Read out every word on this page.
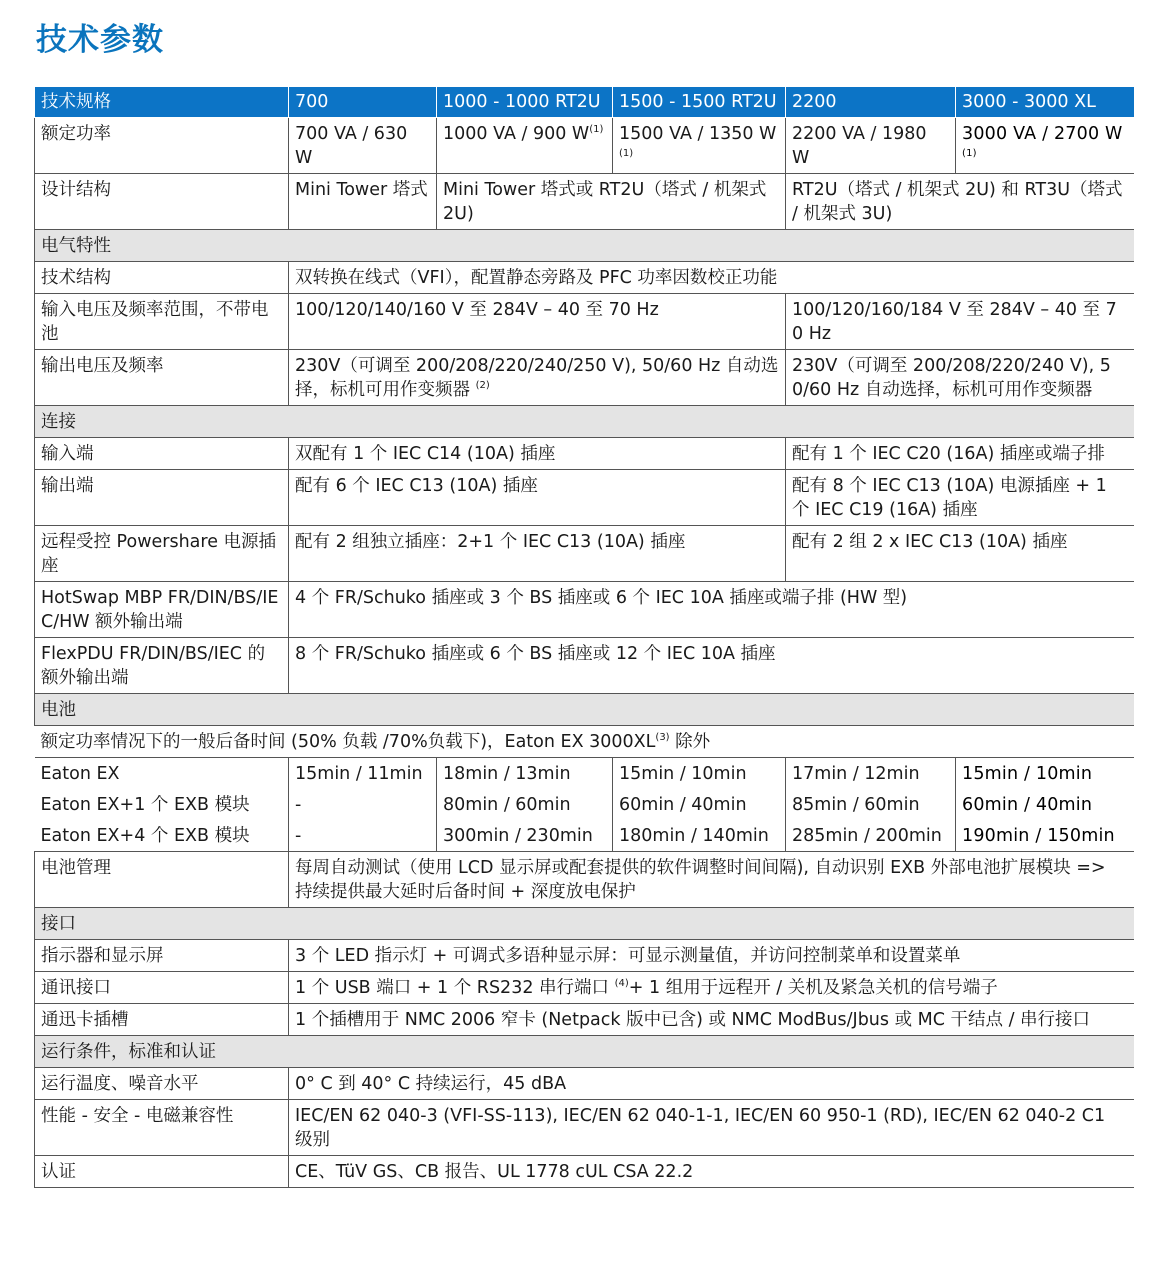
技术参数
技术规格	700	1000 - 1000 RT2U	1500 - 1500 RT2U	2200	3000 - 3000 XL
额定功率	700 VA / 630 W	1000 VA / 900 $W^{(1)}$	1500 VA / 1350 $W^{(1)}$	2200 VA / 1980 W	3000 VA / 2700 $W^{(1)}$
设计结构	Mini Tower 塔式	Mini Tower 塔式或 RT2U（塔式 / 机架式 2U)		RT2U（塔式 / 机架式 2U) 和 RT3U（塔式 / 机架式 3U)	
电气特性					
技术结构	双转换在线式（VFI），配置静态旁路及 PFC 功率因数校正功能				
输入电压及频率范围，不带电池	100/120/140/160 V 至 284V – 40 至 70 Hz			100/120/160/184 V 至 284V – 40 至 70 Hz	
输出电压及频率	230V（可调至 200/208/220/240/250 V), 50/60 Hz 自动选择，标机可用作变频器 $^{(2)}$			230V（可调至 200/208/220/240 V), 50/60 Hz 自动选择，标机可用作变频器	
连接					
输入端	双配有 1 个 IEC C14 (10A) 插座			配有 1 个 IEC C20 (16A) 插座或端子排	
输出端	配有 6 个 IEC C13 (10A) 插座			配有 8 个 IEC C13 (10A) 电源插座 + 1 个 IEC C19 (16A) 插座	
远程受控 Powershare 电源插座	配有 2 组独立插座：2+1 个 IEC C13 (10A) 插座			配有 2 组 2 x IEC C13 (10A) 插座	
HotSwap MBP FR/DIN/BS/IEC/HW 额外输出端	4 个 FR/Schuko 插座或 3 个 BS 插座或 6 个 IEC 10A 插座或端子排 (HW 型)				
FlexPDU FR/DIN/BS/IEC 的额外输出端	8 个 FR/Schuko 插座或 6 个 BS 插座或 12 个 IEC 10A 插座				
电池					
额定功率情况下的一般后备时间 (50% 负载 /70%负载下)，Eaton EX 3000XL$^{(3)}$ 除外					
Eaton EX	15min / 11min	18min / 13min	15min / 10min	17min / 12min	15min / 10min
Eaton EX+1 个 EXB 模块	-	80min / 60min	60min / 40min	85min / 60min	60min / 40min
Eaton EX+4 个 EXB 模块	-	300min / 230min	180min / 140min	285min / 200min	190min / 150min
电池管理	每周自动测试（使用 LCD 显示屏或配套提供的软件调整时间间隔), 自动识别 EXB 外部电池扩展模块 => 持续提供最大延时后备时间 + 深度放电保护				
接口					
指示器和显示屏	3 个 LED 指示灯 + 可调式多语种显示屏：可显示测量值，并访问控制菜单和设置菜单				
通讯接口	1 个 USB 端口 + 1 个 RS232 串行端口 $^{(4)}$+ 1 组用于远程开 / 关机及紧急关机的信号端子				
通迅卡插槽	1 个插槽用于 NMC 2006 窄卡 (Netpack 版中已含) 或 NMC ModBus/Jbus 或 MC 干结点 / 串行接口				
运行条件，标准和认证					
运行温度、噪音水平	0° C 到 40° C 持续运行，45 dBA				
性能 - 安全 - 电磁兼容性	IEC/EN 62 040-3 (VFI-SS-113), IEC/EN 62 040-1-1, IEC/EN 60 950-1 (RD), IEC/EN 62 040-2 C1 级别				
认证	CE、TüV GS、CB 报告、UL 1778 cUL CSA 22.2				
